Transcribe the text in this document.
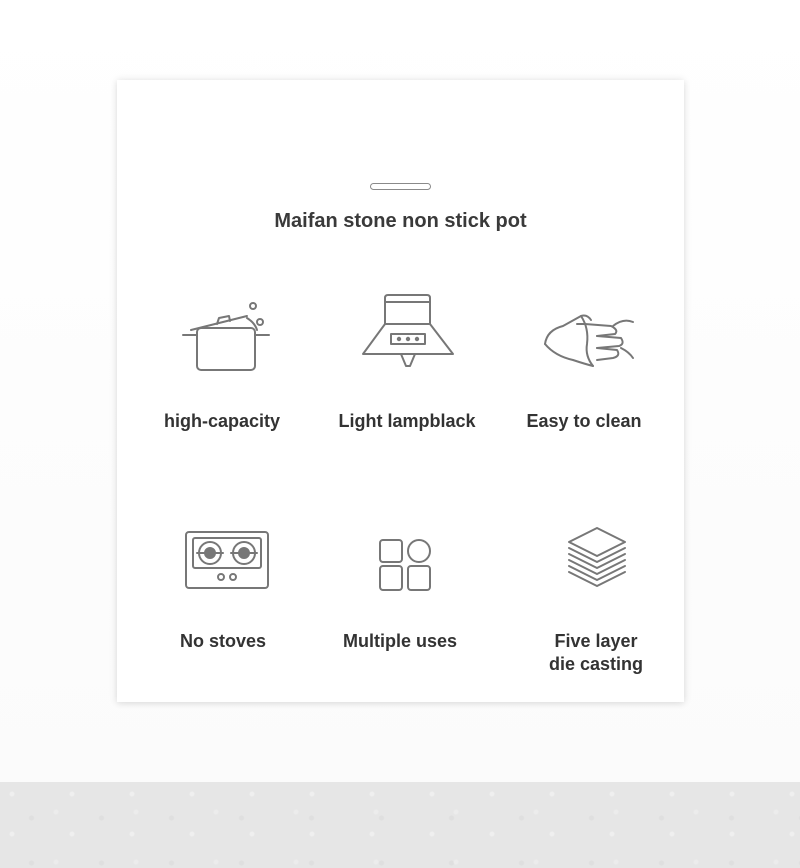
Maifan stone non stick pot
high-capacity	Light lampblack	Easy to clean
No stoves	Multiple uses	Five layer
die casting
